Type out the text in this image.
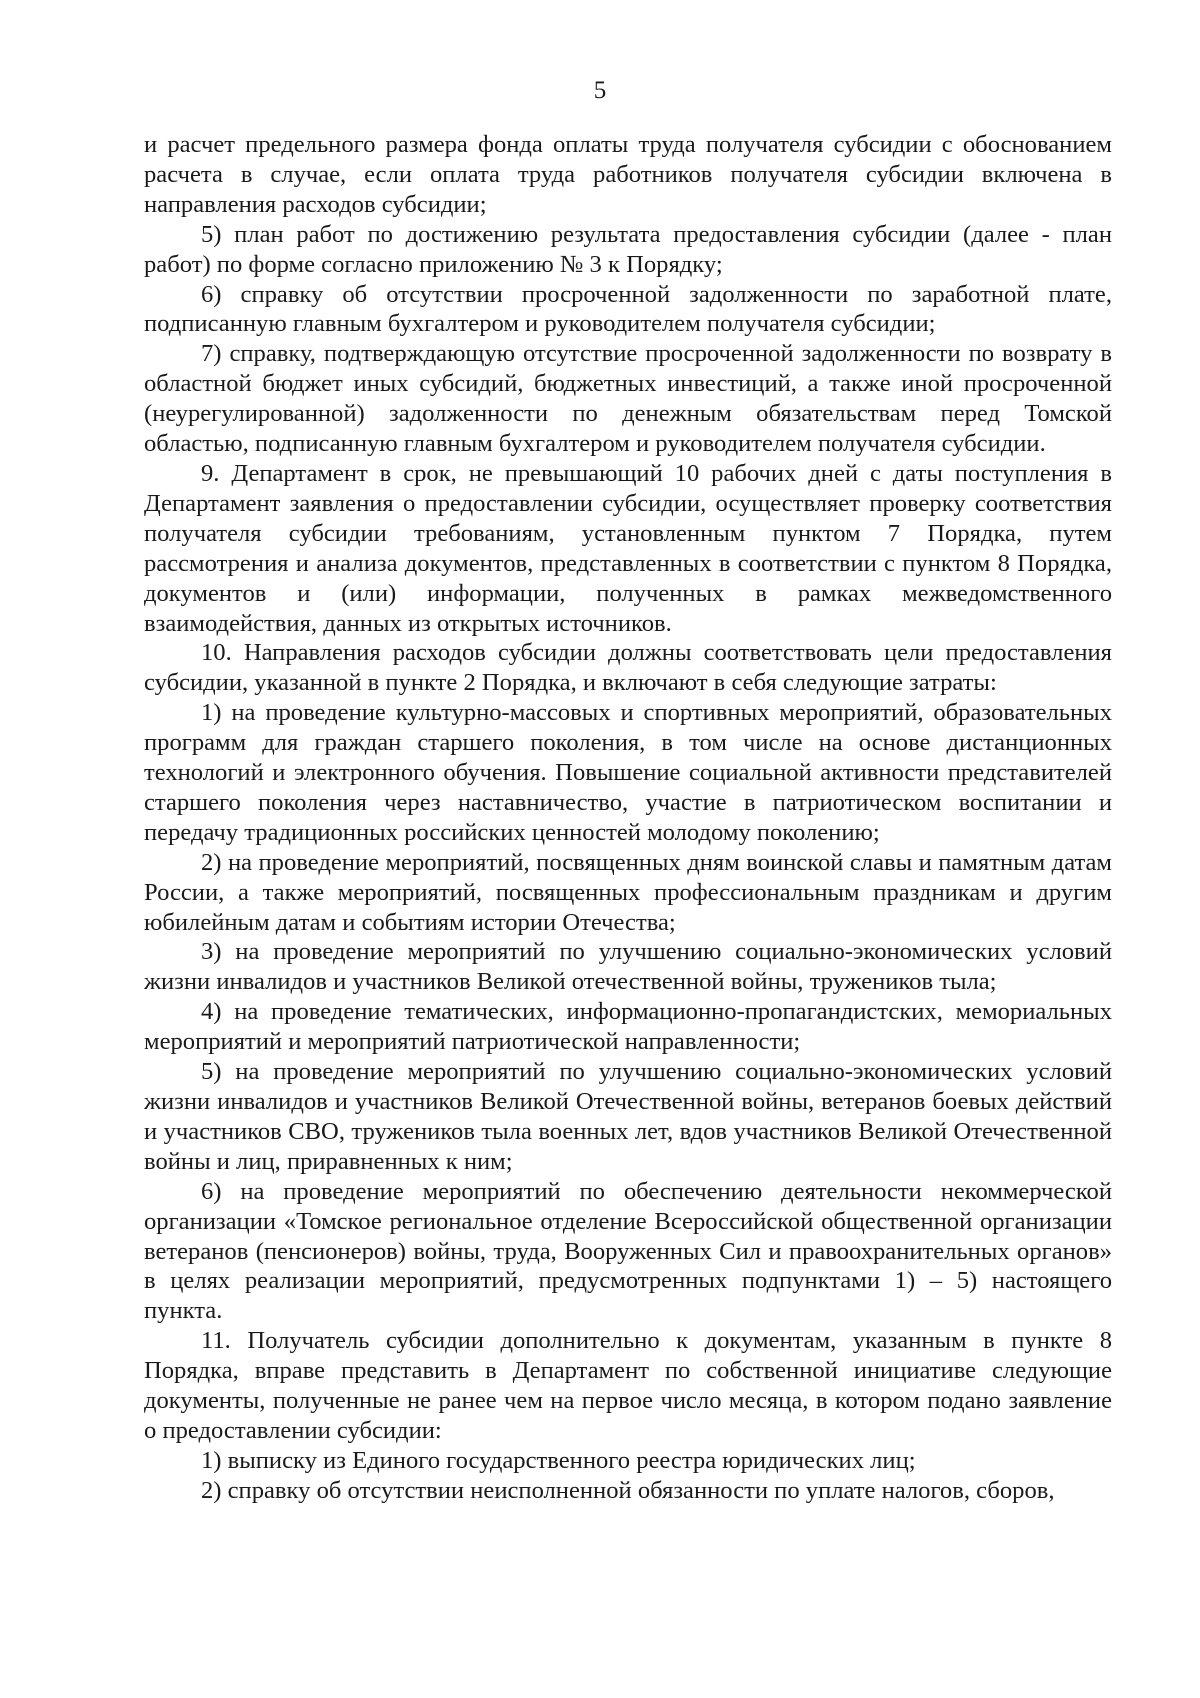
5

и расчет предельного размера фонда оплаты труда получателя субсидии с обоснованием расчета в случае, если оплата труда работников получателя субсидии включена в направления расходов субсидии;

5) план работ по достижению результата предоставления субсидии (далее - план работ) по форме согласно приложению № 3 к Порядку;

6) справку об отсутствии просроченной задолженности по заработной плате, подписанную главным бухгалтером и руководителем получателя субсидии;

7) справку, подтверждающую отсутствие просроченной задолженности по возврату в областной бюджет иных субсидий, бюджетных инвестиций, а также иной просроченной (неурегулированной) задолженности по денежным обязательствам перед Томской областью, подписанную главным бухгалтером и руководителем получателя субсидии.

9. Департамент в срок, не превышающий 10 рабочих дней с даты поступления в Департамент заявления о предоставлении субсидии, осуществляет проверку соответствия получателя субсидии требованиям, установленным пунктом 7 Порядка, путем рассмотрения и анализа документов, представленных в соответствии с пунктом 8 Порядка, документов и (или) информации, полученных в рамках межведомственного взаимодействия, данных из открытых источников.

10. Направления расходов субсидии должны соответствовать цели предоставления субсидии, указанной в пункте 2 Порядка, и включают в себя следующие затраты:

1) на проведение культурно-массовых и спортивных мероприятий, образовательных программ для граждан старшего поколения, в том числе на основе дистанционных технологий и электронного обучения. Повышение социальной активности представителей старшего поколения через наставничество, участие в патриотическом воспитании и передачу традиционных российских ценностей молодому поколению;

2) на проведение мероприятий, посвященных дням воинской славы и памятным датам России, а также мероприятий, посвященных профессиональным праздникам и другим юбилейным датам и событиям истории Отечества;

3) на проведение мероприятий по улучшению социально-экономических условий жизни инвалидов и участников Великой отечественной войны, тружеников тыла;

4) на проведение тематических, информационно-пропагандистских, мемориальных мероприятий и мероприятий патриотической направленности;

5) на проведение мероприятий по улучшению социально-экономических условий жизни инвалидов и участников Великой Отечественной войны, ветеранов боевых действий и участников СВО, тружеников тыла военных лет, вдов участников Великой Отечественной войны и лиц, приравненных к ним;

6) на проведение мероприятий по обеспечению деятельности некоммерческой организации «Томское региональное отделение Всероссийской общественной организации ветеранов (пенсионеров) войны, труда, Вооруженных Сил и правоохранительных органов» в целях реализации мероприятий, предусмотренных подпунктами 1) – 5) настоящего пункта.

11. Получатель субсидии дополнительно к документам, указанным в пункте 8 Порядка, вправе представить в Департамент по собственной инициативе следующие документы, полученные не ранее чем на первое число месяца, в котором подано заявление о предоставлении субсидии:

1) выписку из Единого государственного реестра юридических лиц;

2) справку об отсутствии неисполненной обязанности по уплате налогов, сборов,
